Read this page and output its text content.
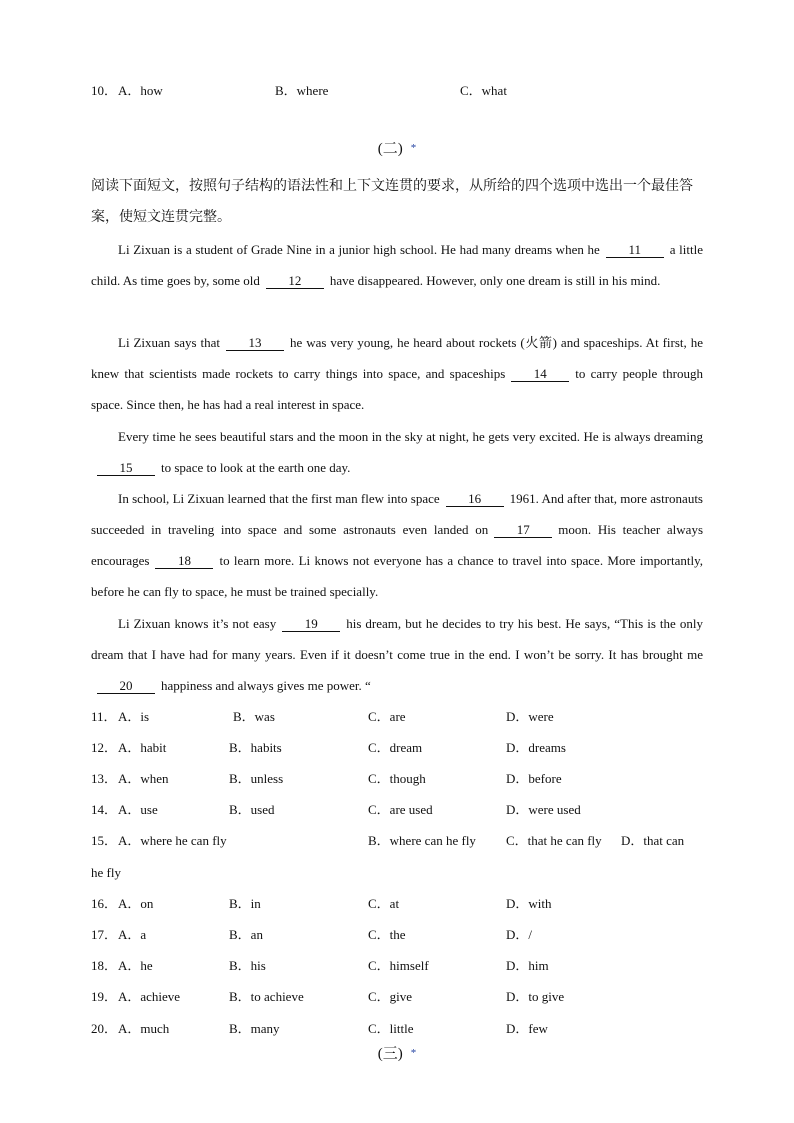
10． A．how	B．where	C．what
(二) *
阅读下面短文，按照句子结构的语法性和上下文连贯的要求，从所给的四个选项中选出一个最佳答案，使短文连贯完整。
Li Zixuan is a student of Grade Nine in a junior high school. He had many dreams when he 11 a little child. As time goes by, some old 12 have disappeared. However, only one dream is still in his mind.
Li Zixuan says that 13 he was very young, he heard about rockets (火箭) and spaceships. At first, he knew that scientists made rockets to carry things into space, and spaceships 14 to carry people through space. Since then, he has had a real interest in space.
Every time he sees beautiful stars and the moon in the sky at night, he gets very excited. He is always dreaming15 to space to look at the earth one day.
In school, Li Zixuan learned that the first man flew into space 16 1961. And after that, more astronauts succeeded in traveling into space and some astronauts even landed on 17 moon. His teacher always encourages 18 to learn more. Li knows not everyone has a chance to travel into space. More importantly, before he can fly to space, he must be trained specially.
Li Zixuan knows it’s not easy 19 his dream, but he decides to try his best. He says, “This is the only dream that I have had for many years. Even if it doesn’t come true in the end. I won’t be sorry. It has brought me20 happiness and always gives me power. “
11． A．is	B．was	C．are	D．were
12． A．habit	B．habits	C．dream	D．dreams
13． A．when	B．unless	C．though	D．before
14． A．use	B．used	C．are used	D．were used
15． A．where he can fly	B．where can he fly C．that he can fly D．that can
he fly
16． A．on	B．in	C．at	D．with
17． A．a	B．an	C．the	D．/
18． A．he	B．his	C．himself	D．him
19． A．achieve	B．to achieve	C．give	D．to give
20． A．much	B．many	C．little	D．few
(三) *
